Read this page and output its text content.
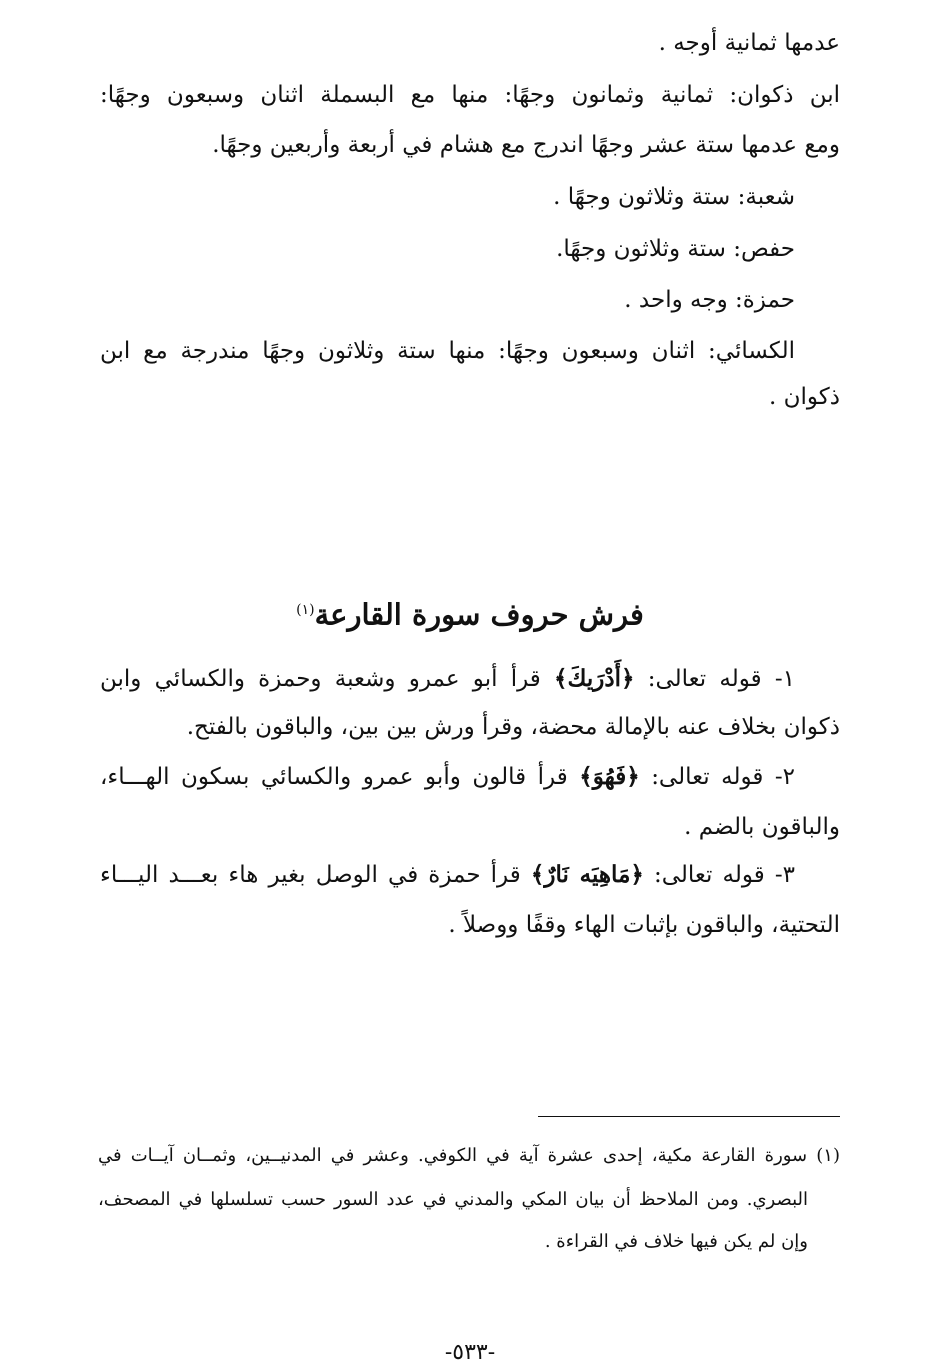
عدمها ثمانية أوجه .
ابن ذكوان: ثمانية وثمانون وجهًا: منها مع البسملة اثنان وسبعون وجهًا:
ومع عدمها ستة عشر وجهًا اندرج مع هشام في أربعة وأربعين وجهًا.
شعبة: ستة وثلاثون وجهًا .
حفص: ستة وثلاثون وجهًا.
حمزة: وجه واحد .
الكسائي: اثنان وسبعون وجهًا: منها ستة وثلاثون وجهًا مندرجة مع ابن
ذكوان .
فرش حروف سورة القارعة$^{(١)}$
١- قوله تعالى: ﴿أَدْرَيكَ﴾ قرأ أبو عمرو وشعبة وحمزة والكسائي وابن
ذكوان بخلاف عنه بالإمالة محضة، وقرأ ورش بين بين، والباقون بالفتح.
٢- قوله تعالى: ﴿فَهُوَ﴾ قرأ قالون وأبو عمرو والكسائي بسكون الهـــاء،
والباقون بالضم .
٣- قوله تعالى: ﴿مَاهِيَه نَارٌ﴾ قرأ حمزة في الوصل بغير هاء بعـــد اليـــاء
التحتية، والباقون بإثبات الهاء وقفًا ووصلاً .
(١) سورة القارعة مكية، إحدى عشرة آية في الكوفي. وعشر في المدنيــين، وثمــان آيــات في
البصري. ومن الملاحظ أن بيان المكي والمدني في عدد السور حسب تسلسلها في المصحف،
وإن لم يكن فيها خلاف في القراءة .
-٥٣٣-
